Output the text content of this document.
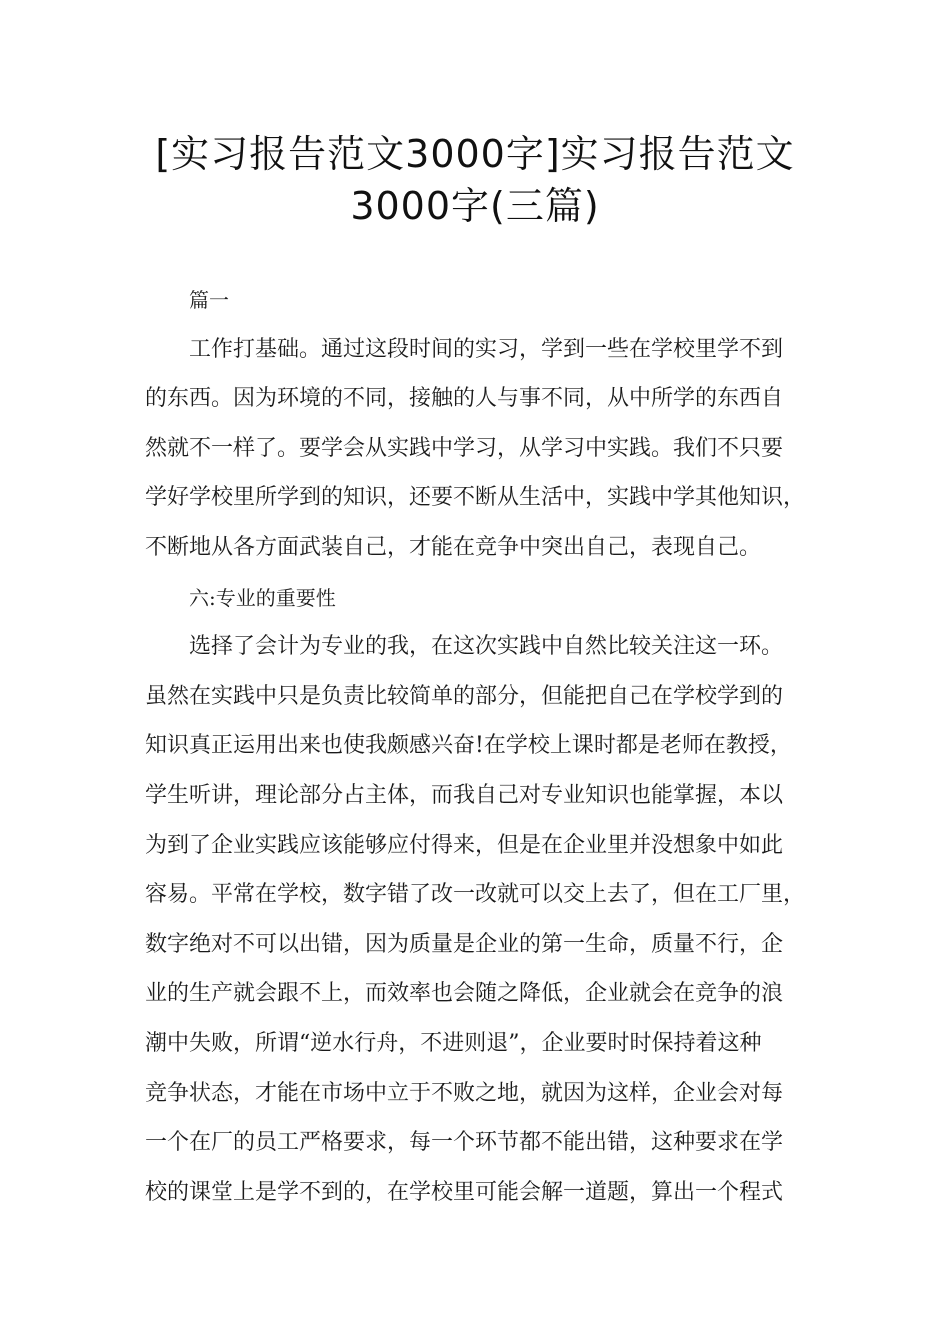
[实习报告范文3000字]实习报告范文
3000字(三篇)
篇一
工作打基础。通过这段时间的实习，学到一些在学校里学不到
的东西。因为环境的不同，接触的人与事不同，从中所学的东西自
然就不一样了。要学会从实践中学习，从学习中实践。我们不只要
学好学校里所学到的知识，还要不断从生活中，实践中学其他知识，
不断地从各方面武装自己，才能在竞争中突出自己，表现自己。
六:专业的重要性
选择了会计为专业的我，在这次实践中自然比较关注这一环。
虽然在实践中只是负责比较简单的部分，但能把自己在学校学到的
知识真正运用出来也使我颇感兴奋!在学校上课时都是老师在教授，
学生听讲，理论部分占主体，而我自己对专业知识也能掌握，本以
为到了企业实践应该能够应付得来，但是在企业里并没想象中如此
容易。平常在学校，数字错了改一改就可以交上去了，但在工厂里，
数字绝对不可以出错，因为质量是企业的第一生命，质量不行，企
业的生产就会跟不上，而效率也会随之降低，企业就会在竞争的浪
潮中失败，所谓“逆水行舟，不进则退”，企业要时时保持着这种
竞争状态，才能在市场中立于不败之地，就因为这样，企业会对每
一个在厂的员工严格要求，每一个环节都不能出错，这种要求在学
校的课堂上是学不到的，在学校里可能会解一道题，算出一个程式
